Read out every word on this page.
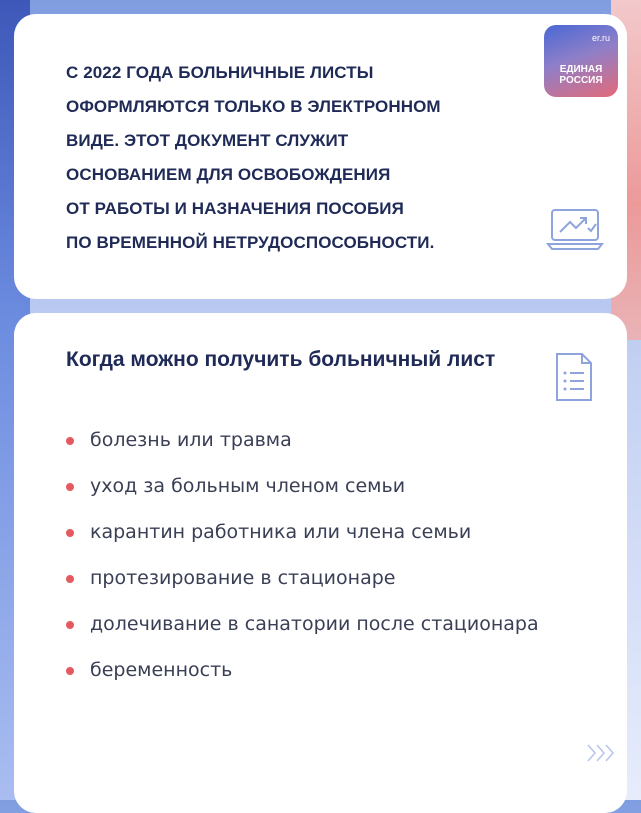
С 2022 ГОДА БОЛЬНИЧНЫЕ ЛИСТЫ
ОФОРМЛЯЮТСЯ ТОЛЬКО В ЭЛЕКТРОННОМ
ВИДЕ. ЭТОТ ДОКУМЕНТ СЛУЖИТ
ОСНОВАНИЕМ ДЛЯ ОСВОБОЖДЕНИЯ
ОТ РАБОТЫ И НАЗНАЧЕНИЯ ПОСОБИЯ
ПО ВРЕМЕННОЙ НЕТРУДОСПОСОБНОСТИ.
er.ru
ЕДИНАЯ
РОССИЯ
Когда можно получить больничный лист
болезнь или травма
уход за больным членом семьи
карантин работника или члена семьи
протезирование в стационаре
долечивание в санатории после стационара
беременность
